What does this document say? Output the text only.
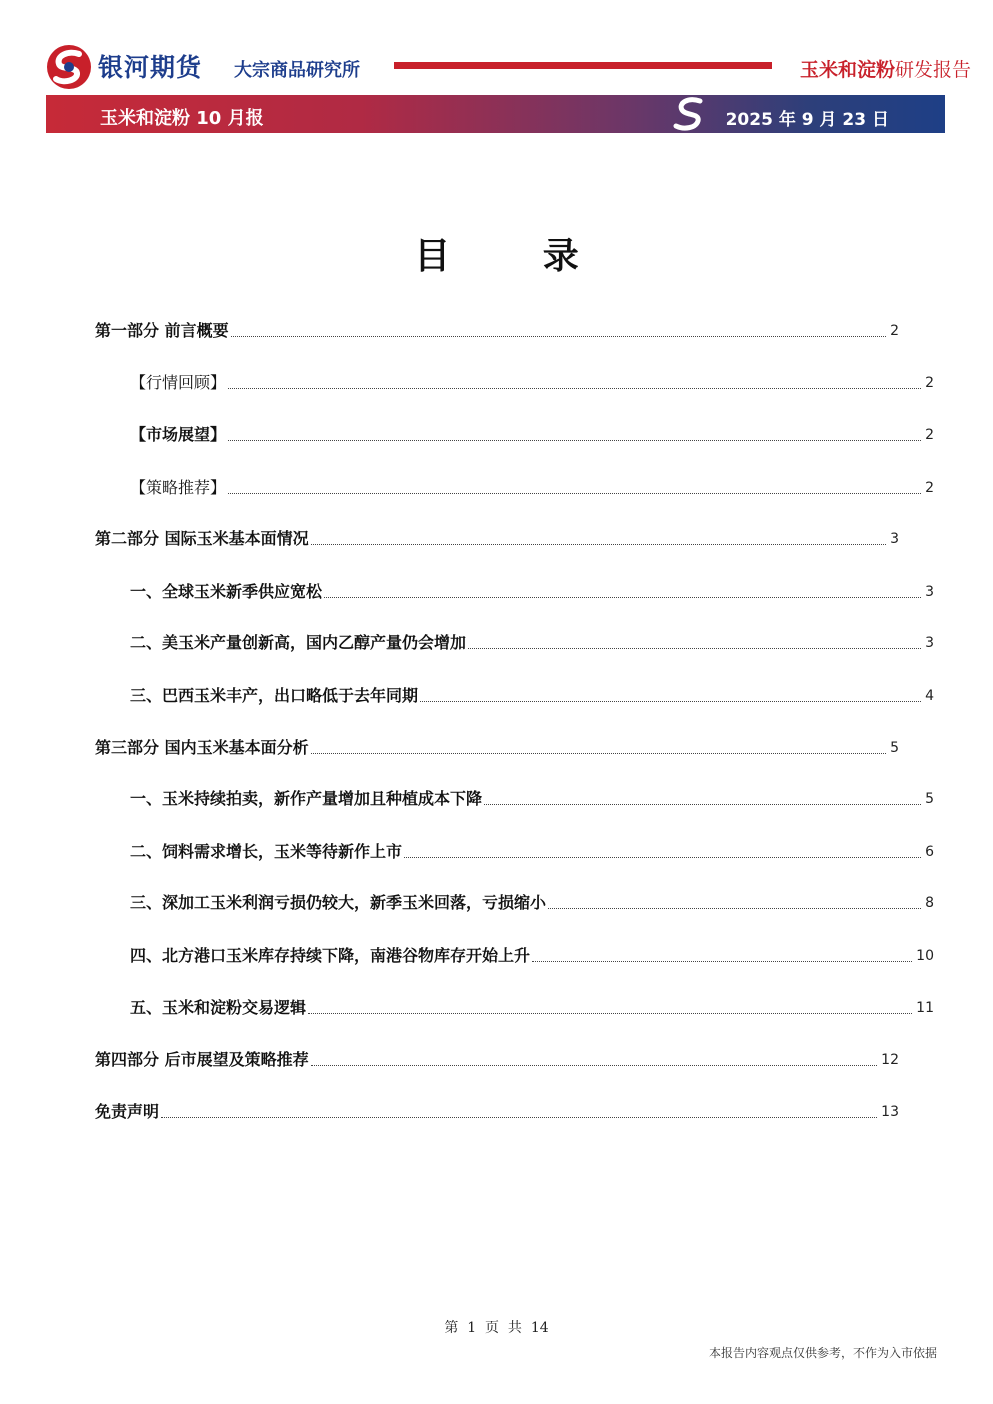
银河期货 大宗商品研究所	玉米和淀粉研发报告
玉米和淀粉 10 月报	2025 年 9 月 23 日
目 录
第一部分 前言概要	2
【行情回顾】	2
【市场展望】	2
【策略推荐】	2
第二部分 国际玉米基本面情况	3
一、全球玉米新季供应宽松	3
二、美玉米产量创新高，国内乙醇产量仍会增加	3
三、巴西玉米丰产，出口略低于去年同期	4
第三部分 国内玉米基本面分析	5
一、玉米持续拍卖，新作产量增加且种植成本下降	5
二、饲料需求增长，玉米等待新作上市	6
三、深加工玉米利润亏损仍较大，新季玉米回落，亏损缩小	8
四、北方港口玉米库存持续下降，南港谷物库存开始上升	10
五、玉米和淀粉交易逻辑	11
第四部分 后市展望及策略推荐	12
免责声明	13
第  1  页  共  14
本报告内容观点仅供参考，不作为入市依据
